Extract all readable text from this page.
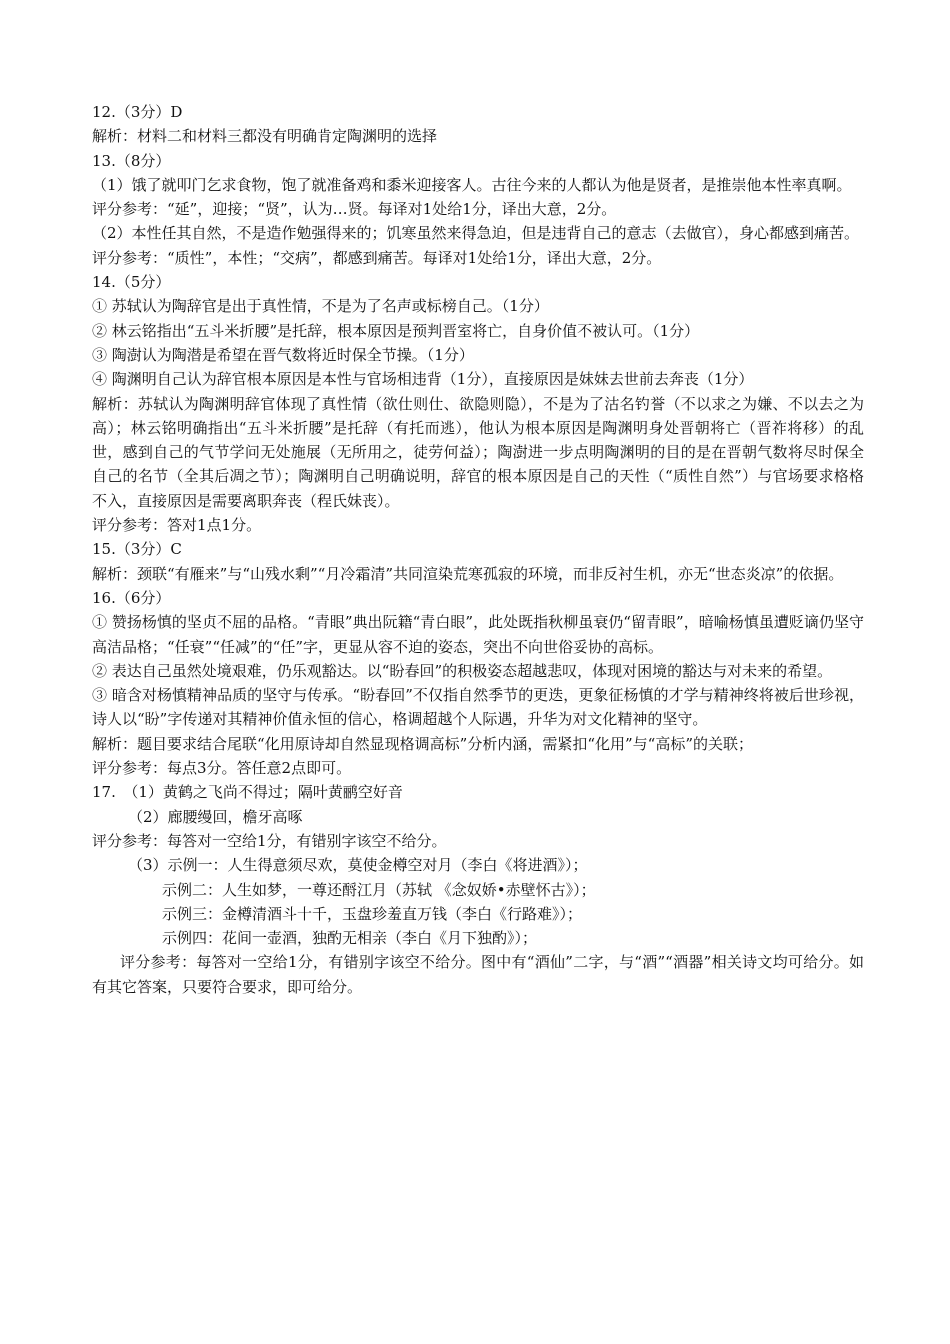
12.（3分）D

解析：材料二和材料三都没有明确肯定陶渊明的选择

13.（8分）

（1）饿了就叩门乞求食物，饱了就准备鸡和黍米迎接客人。古往今来的人都认为他是贤者，是推崇他本性率真啊。

评分参考：“延”，迎接；“贤”，认为…贤。每译对1处给1分，译出大意，2分。

（2）本性任其自然，不是造作勉强得来的；饥寒虽然来得急迫，但是违背自己的意志（去做官），身心都感到痛苦。

评分参考：“质性”，本性；“交病”，都感到痛苦。每译对1处给1分，译出大意，2分。

14.（5分）

① 苏轼认为陶辞官是出于真性情，不是为了名声或标榜自己。（1分）

② 林云铭指出“五斗米折腰”是托辞，根本原因是预判晋室将亡，自身价值不被认可。（1分）

③ 陶澍认为陶潜是希望在晋气数将近时保全节操。（1分）

④ 陶渊明自己认为辞官根本原因是本性与官场相违背（1分），直接原因是妹妹去世前去奔丧（1分）

解析：苏轼认为陶渊明辞官体现了真性情（欲仕则仕、欲隐则隐），不是为了沽名钓誉（不以求之为嫌、不以去之为高）；林云铭明确指出“五斗米折腰”是托辞（有托而逃），他认为根本原因是陶渊明身处晋朝将亡（晋祚将移）的乱世，感到自己的气节学问无处施展（无所用之，徒劳何益）；陶澍进一步点明陶渊明的目的是在晋朝气数将尽时保全自己的名节（全其后凋之节）；陶渊明自己明确说明，辞官的根本原因是自己的天性（“质性自然”）与官场要求格格不入，直接原因是需要离职奔丧（程氏妹丧）。

评分参考：答对1点1分。

15.（3分）C

解析：颈联“有雁来”与“山残水剩”“月冷霜清”共同渲染荒寒孤寂的环境，而非反衬生机，亦无“世态炎凉”的依据。

16.（6分）

① 赞扬杨慎的坚贞不屈的品格。“青眼”典出阮籍“青白眼”，此处既指秋柳虽衰仍“留青眼”，暗喻杨慎虽遭贬谪仍坚守高洁品格；“任衰”“任减”的“任”字，更显从容不迫的姿态，突出不向世俗妥协的高标。

② 表达自己虽然处境艰难，仍乐观豁达。以“盼春回”的积极姿态超越悲叹，体现对困境的豁达与对未来的希望。

③ 暗含对杨慎精神品质的坚守与传承。“盼春回”不仅指自然季节的更迭，更象征杨慎的才学与精神终将被后世珍视，诗人以“盼”字传递对其精神价值永恒的信心，格调超越个人际遇，升华为对文化精神的坚守。

解析：题目要求结合尾联“化用原诗却自然显现格调高标”分析内涵，需紧扣“化用”与“高标”的关联；

评分参考：每点3分。答任意2点即可。

17.　（1）黄鹤之飞尚不得过；隔叶黄鹂空好音

（2）廊腰缦回，檐牙高啄

评分参考：每答对一空给1分，有错别字该空不给分。

（3）示例一：人生得意须尽欢，莫使金樽空对月（李白《将进酒》）；

示例二：人生如梦，一尊还酹江月（苏轼 《念奴娇•赤壁怀古》）；

示例三：金樽清酒斗十千，玉盘珍羞直万钱（李白《行路难》）；

示例四：花间一壶酒，独酌无相亲（李白《月下独酌》）；

评分参考：每答对一空给1分，有错别字该空不给分。图中有“酒仙”二字，与“酒”“酒器”相关诗文均可给分。如有其它答案，只要符合要求，即可给分。
